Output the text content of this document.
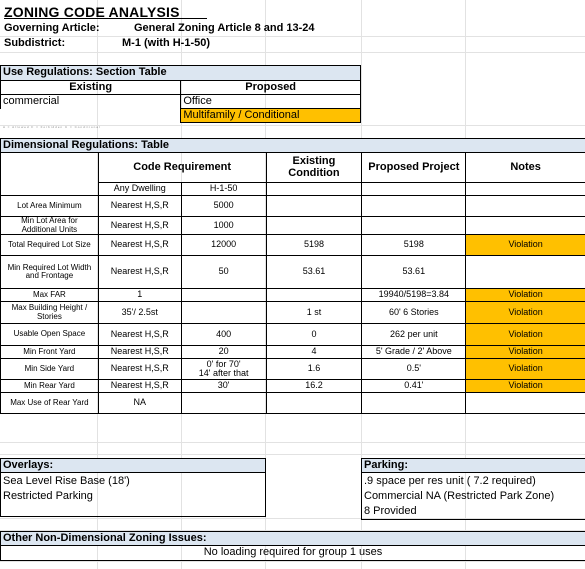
ZONING CODE ANALYSIS
Governing Article:	General Zoning Article 8 and 13-24
Subdistrict:	M-1 (with H-1-50)
Use Regulations: Section Table	
Existing	Proposed
commercial	Office
	Multifamily / Conditional
A = Allowed F = Forbidden C = Conditional
Dimensional Regulations: Table					
	Code Requirement		Existing Condition	Proposed Project	Notes
	Any Dwelling	H-1-50			
Lot Area Minimum	Nearest H,S,R	5000			
Min Lot Area for Additional Units	Nearest H,S,R	1000			
Total Required Lot Size	Nearest H,S,R	12000	5198	5198	Violation
Min Required Lot Width and Frontage	Nearest H,S,R	50	53.61	53.61	
Max FAR	1			19940/5198=3.84	Violation
Max Building Height / Stories	35'/ 2.5st		1 st	60' 6 Stories	Violation
Usable Open Space	Nearest H,S,R	400	0	262 per unit	Violation
Min Front Yard	Nearest H,S,R	20	4	5' Grade / 2' Above	Violation
Min Side Yard	Nearest H,S,R	0' for 70'
14' after that	1.6	0.5'	Violation
Min Rear Yard	Nearest H,S,R	30'	16.2	0.41'	Violation
Max Use of Rear Yard	NA				
Overlays:

Sea Level Rise Base (18')
Restricted Parking
Parking:

.9 space per res unit ( 7.2 required)
Commercial NA (Restricted Park Zone)
8 Provided
Other Non-Dimensional Zoning Issues:
No loading required for group 1 uses
